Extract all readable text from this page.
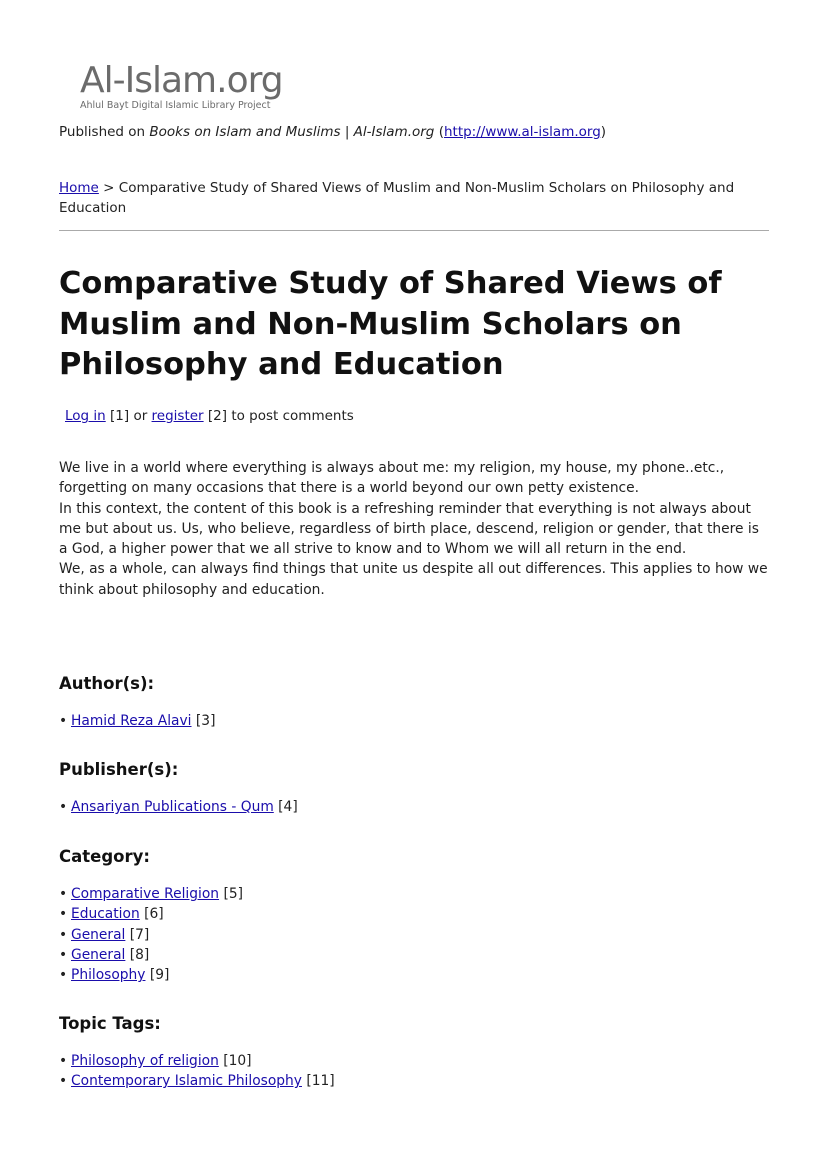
Al-Islam.org
Ahlul Bayt Digital Islamic Library Project
Published on Books on Islam and Muslims | Al-Islam.org (http://www.al-islam.org)
Home > Comparative Study of Shared Views of Muslim and Non-Muslim Scholars on Philosophy and Education
Comparative Study of Shared Views of Muslim and Non-Muslim Scholars on Philosophy and Education
Log in [1] or register [2] to post comments

We live in a world where everything is always about me: my religion, my house, my phone..etc., forgetting on many occasions that there is a world beyond our own petty existence.

In this context, the content of this book is a refreshing reminder that everything is not always about me but about us. Us, who believe, regardless of birth place, descend, religion or gender, that there is a God, a higher power that we all strive to know and to Whom we will all return in the end.

We, as a whole, can always find things that unite us despite all out differences. This applies to how we think about philosophy and education.

Author(s):
• Hamid Reza Alavi [3]
Publisher(s):
• Ansariyan Publications - Qum [4]
Category:
• Comparative Religion [5]
• Education [6]
• General [7]
• General [8]
• Philosophy [9]
Topic Tags:
• Philosophy of religion [10]
• Contemporary Islamic Philosophy [11]
